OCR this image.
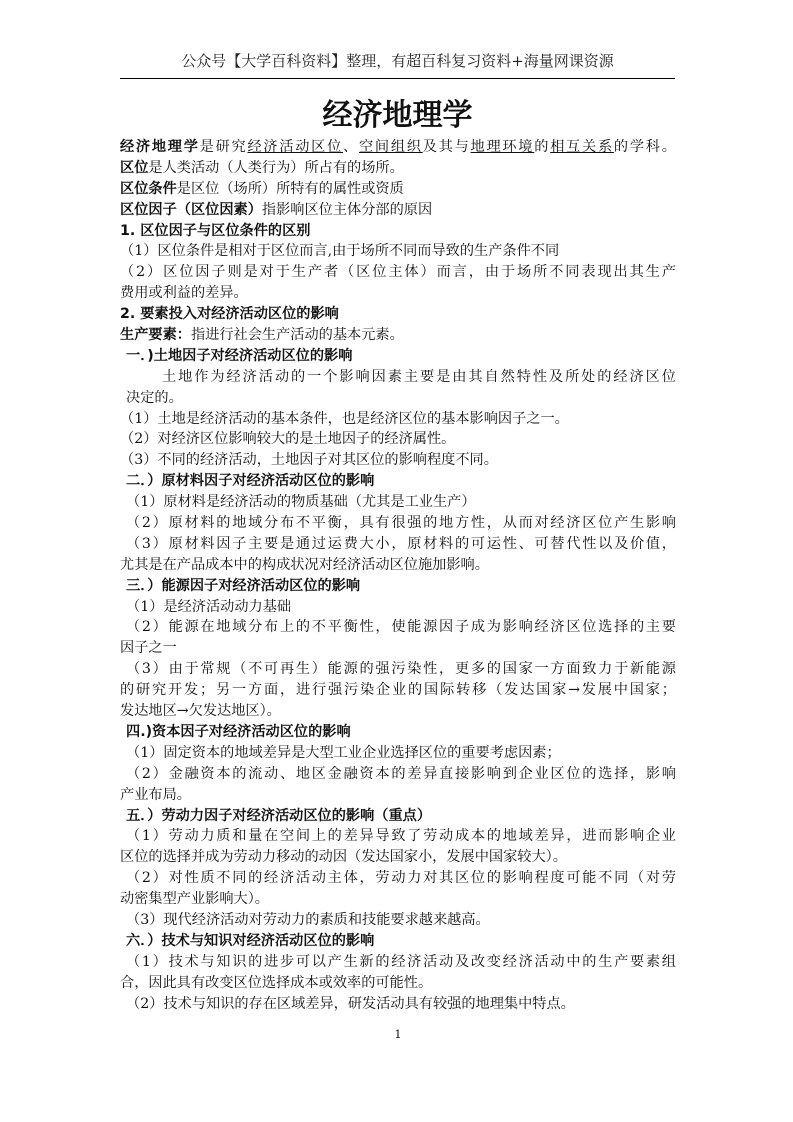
公众号【大学百科资料】整理，有超百科复习资料+海量网课资源
经济地理学
经济地理学是研究经济活动区位、空间组织及其与地理环境的相互关系的学科。
区位是人类活动（人类行为）所占有的场所。
区位条件是区位（场所）所特有的属性或资质
区位因子（区位因素）指影响区位主体分部的原因
1. 区位因子与区位条件的区别
（1）区位条件是相对于区位而言,由于场所不同而导致的生产条件不同
（2）区位因子则是对于生产者（区位主体）而言，由于场所不同表现出其生产
费用或利益的差异。
2. 要素投入对经济活动区位的影响
生产要素：指进行社会生产活动的基本元素。
一．)土地因子对经济活动区位的影响
土地作为经济活动的一个影响因素主要是由其自然特性及所处的经济区位
决定的。
（1）土地是经济活动的基本条件，也是经济区位的基本影响因子之一。
（2）对经济区位影响较大的是土地因子的经济属性。
（3）不同的经济活动，土地因子对其区位的影响程度不同。
二．）原材料因子对经济活动区位的影响
（1）原材料是经济活动的物质基础（尤其是工业生产）
（2）原材料的地域分布不平衡，具有很强的地方性，从而对经济区位产生影响
（3）原材料因子主要是通过运费大小，原材料的可运性、可替代性以及价值，
尤其是在产品成本中的构成状况对经济活动区位施加影响。
三．）能源因子对经济活动区位的影响
（1）是经济活动动力基础
（2）能源在地域分布上的不平衡性，使能源因子成为影响经济区位选择的主要
因子之一
（3）由于常规（不可再生）能源的强污染性，更多的国家一方面致力于新能源
的研究开发；另一方面，进行强污染企业的国际转移（发达国家→发展中国家；
发达地区→欠发达地区）。
四.)资本因子对经济活动区位的影响
（1）固定资本的地域差异是大型工业企业选择区位的重要考虑因素；
（2）金融资本的流动、地区金融资本的差异直接影响到企业区位的选择，影响
产业布局。
五．）劳动力因子对经济活动区位的影响（重点）
（1）劳动力质和量在空间上的差异导致了劳动成本的地域差异，进而影响企业
区位的选择并成为劳动力移动的动因（发达国家小，发展中国家较大）。
（2）对性质不同的经济活动主体，劳动力对其区位的影响程度可能不同（对劳
动密集型产业影响大）。
（3）现代经济活动对劳动力的素质和技能要求越来越高。
六．）技术与知识对经济活动区位的影响
（1）技术与知识的进步可以产生新的经济活动及改变经济活动中的生产要素组
合，因此具有改变区位选择成本或效率的可能性。
（2）技术与知识的存在区域差异，研发活动具有较强的地理集中特点。
1
